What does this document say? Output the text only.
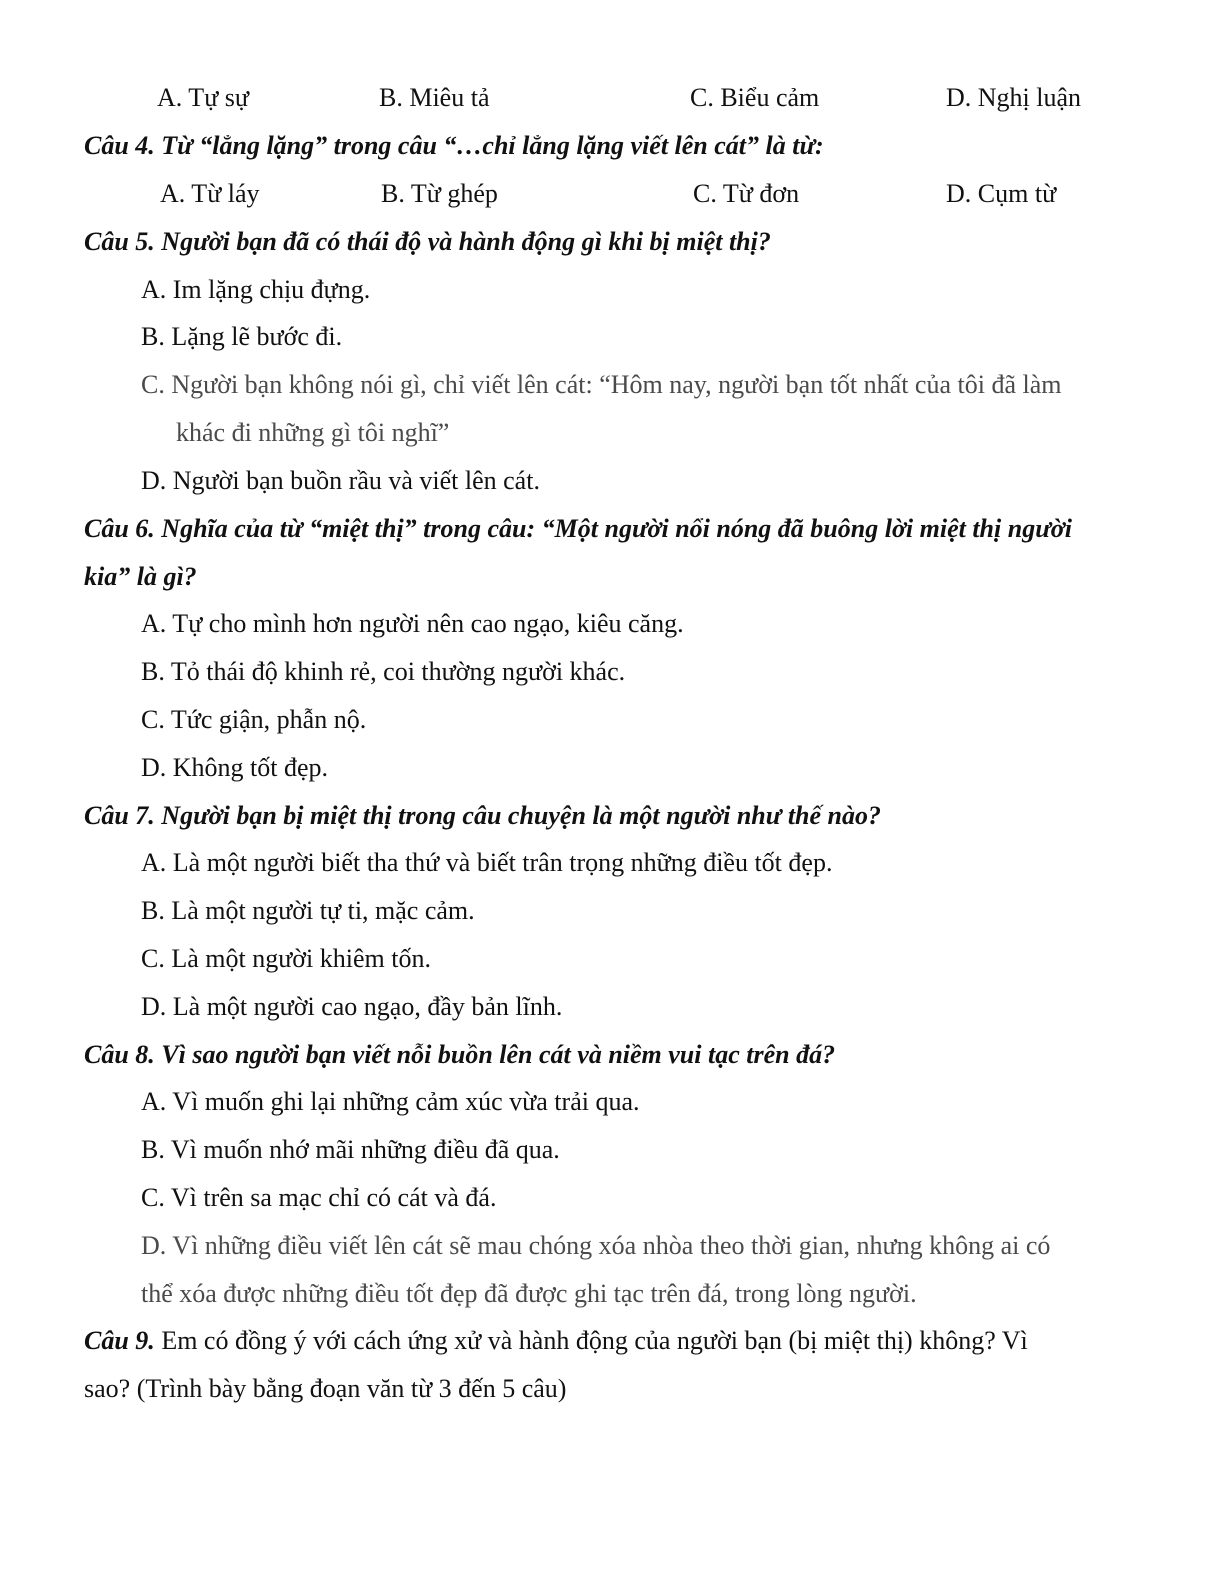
A. Tự sự	B. Miêu tả	C. Biểu cảm	D. Nghị luận
Câu 4. Từ “lẳng lặng” trong câu “…chỉ lẳng lặng viết lên cát” là từ:
A. Từ láy	B. Từ ghép	C. Từ đơn	D. Cụm từ
Câu 5. Người bạn đã có thái độ và hành động gì khi bị miệt thị?
A. Im lặng chịu đựng.
B. Lặng lẽ bước đi.
C. Người bạn không nói gì, chỉ viết lên cát: “Hôm nay, người bạn tốt nhất của tôi đã làm
khác đi những gì tôi nghĩ”
D. Người bạn buồn rầu và viết lên cát.
Câu 6. Nghĩa của từ “miệt thị” trong câu: “Một người nổi nóng đã buông lời miệt thị người
kia” là gì?
A. Tự cho mình hơn người nên cao ngạo, kiêu căng.
B. Tỏ thái độ khinh rẻ, coi thường người khác.
C. Tức giận, phẫn nộ.
D. Không tốt đẹp.
Câu 7. Người bạn bị miệt thị trong câu chuyện là một người như thế nào?
A. Là một người biết tha thứ và biết trân trọng những điều tốt đẹp.
B. Là một người tự ti, mặc cảm.
C. Là một người khiêm tốn.
D. Là một người cao ngạo, đầy bản lĩnh.
Câu 8. Vì sao người bạn viết nỗi buồn lên cát và niềm vui tạc trên đá?
A. Vì muốn ghi lại những cảm xúc vừa trải qua.
B. Vì muốn nhớ mãi những điều đã qua.
C. Vì trên sa mạc chỉ có cát và đá.
D. Vì những điều viết lên cát sẽ mau chóng xóa nhòa theo thời gian, nhưng không ai có
thể xóa được những điều tốt đẹp đã được ghi tạc trên đá, trong lòng người.
Câu 9. Em có đồng ý với cách ứng xử và hành động của người bạn (bị miệt thị) không? Vì
sao? (Trình bày bằng đoạn văn từ 3 đến 5 câu)
